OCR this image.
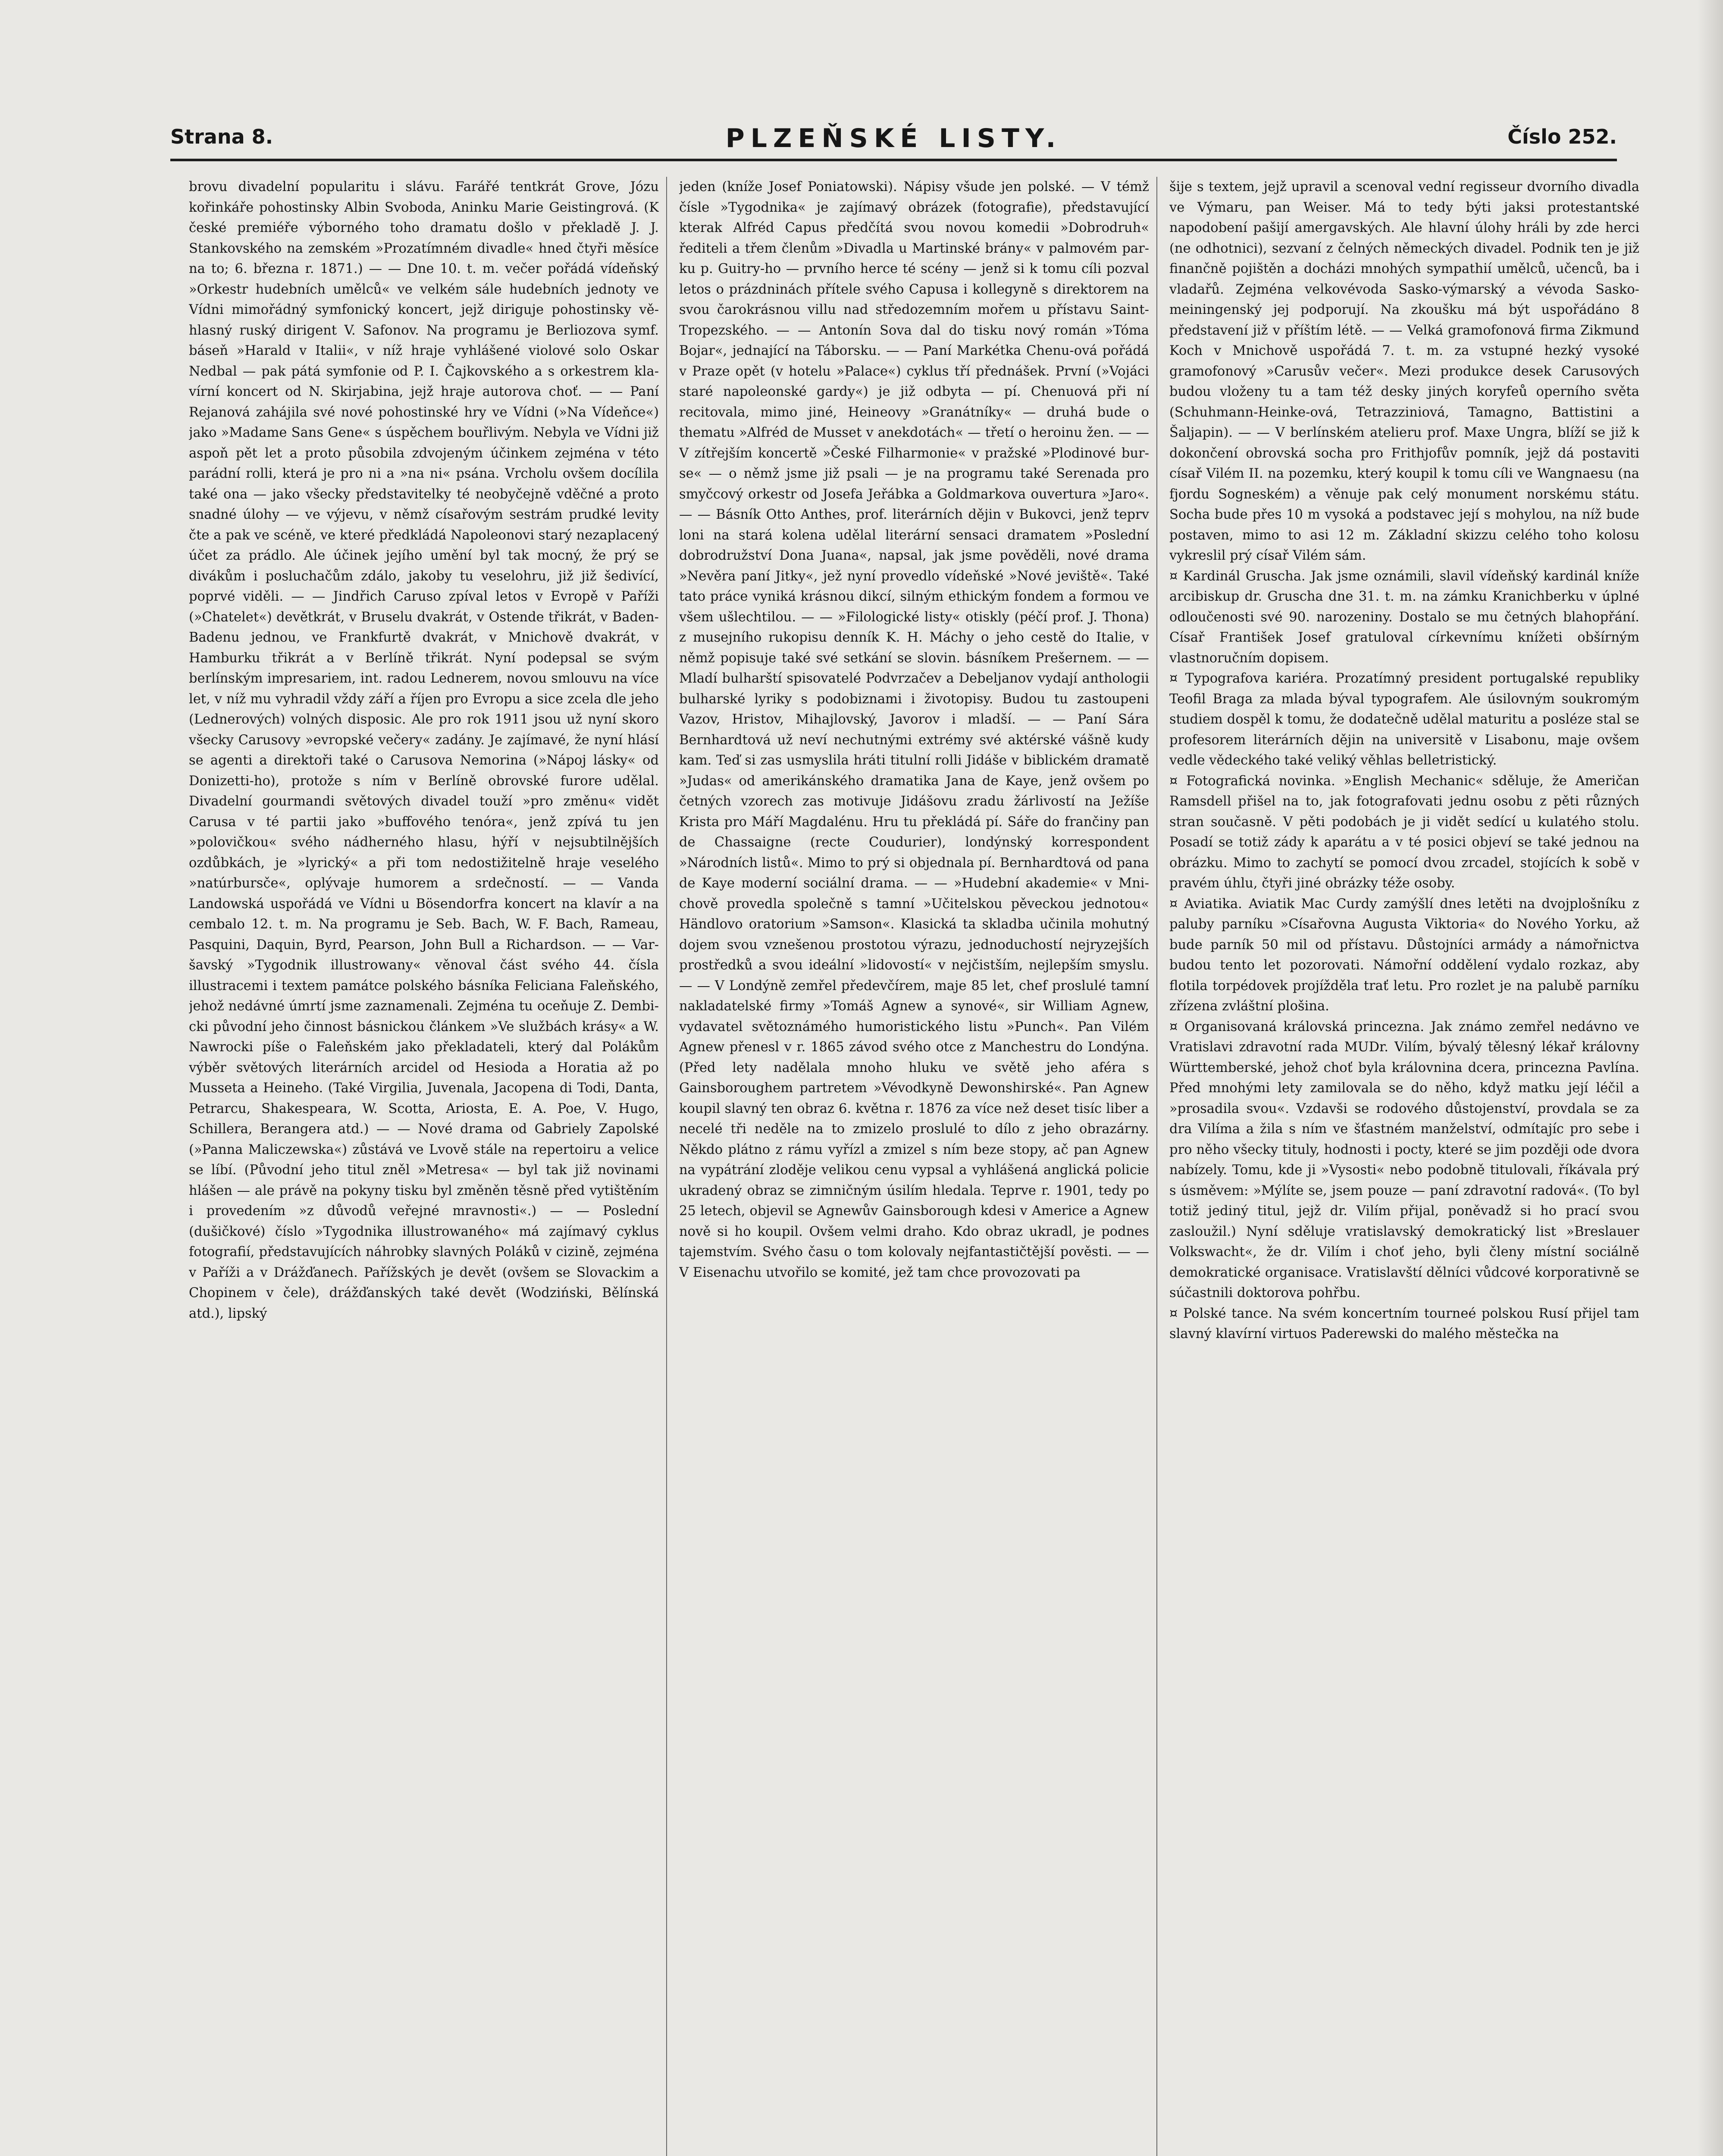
Strana 8.	PLZEŇSKÉ LISTY.	Číslo 252.

brovu divadelní popularitu i slávu. Farářé tentkrát Grove, Józu kořinkáře pohostinsky Albin Svoboda, Aninku Marie Geistingrová. (K české premiéře výborného toho dramatu došlo v překladě J. J. Stankovského na zemském »Prozatímném divadle« hned čtyři měsíce na to; 6. března r. 1871.) — — Dne 10. t. m. večer pořádá vídeňský »Orkestr hudebních umělců« ve velkém sále hudebních jednoty ve Vídni mimořádný symfonický koncert, jejž diriguje pohostinsky věhlasný ruský dirigent V. Safonov. Na programu je Berliozova symf. báseň »Harald v Italii«, v níž hraje vyhlášené violové solo Oskar Nedbal — pak pátá symfonie od P. I. Čajkovského a s orkestrem klavírní koncert od N. Skirjabina, jejž hraje autorova choť. — — Paní Rejanová zahájila své nové pohostinské hry ve Vídni (»Na Vídeňce«) jako »Madame Sans Gene« s úspěchem bouřlivým. Nebyla ve Vídni již aspoň pět let a proto působila zdvojeným účinkem zejména v této parádní rolli, která je pro ni a »na ni« psána. Vrcholu ovšem docílila také ona — jako všecky představitelky té neobyčejně vděčné a proto snadné úlohy — ve výjevu, v němž císařovým sestrám prudké levity čte a pak ve scéně, ve které předkládá Napoleonovi starý nezaplacený účet za prádlo. Ale účinek jejího umění byl tak mocný, že prý se divákům i posluchačům zdálo, jakoby tu veselohru, již již šedivící, poprvé viděli. — — Jindřich Caruso zpíval letos v Evropě v Paříži (»Chatelet«) devětkrát, v Bruselu dvakrát, v Ostende třikrát, v Baden-Badenu jednou, ve Frankfurtě dvakrát, v Mnichově dvakrát, v Hamburku třikrát a v Berlíně třikrát. Nyní podepsal se svým berlínským impresariem, int. radou Lednerem, novou smlouvu na více let, v níž mu vyhradil vždy září a říjen pro Evropu a sice zcela dle jeho (Lednerových) volných disposic. Ale pro rok 1911 jsou už nyní skoro všecky Carusovy »evropské večery« zadány. Je zajímavé, že nyní hlásí se agenti a direktoři také o Carusova Nemorina (»Nápoj lásky« od Donizetti-ho), protože s ním v Berlíně obrovské furore udělal. Divadelní gourmandi světových divadel touží »pro změnu« vidět Carusa v té partii jako »buffového tenóra«, jenž zpívá tu jen »polovičkou« svého nádherného hlasu, hýří v nejsubtilnějších ozdůbkách, je »lyrický« a při tom nedostižitelně hraje veselého »natúrbursče«, oplývaje humorem a srdečností. — — Vanda Landowská uspořádá ve Vídni u Bösendorfra koncert na klavír a na cembalo 12. t. m. Na programu je Seb. Bach, W. F. Bach, Rameau, Pasquini, Daquin, Byrd, Pearson, John Bull a Richardson. — — Varšavský »Tygodnik illustrowany« věnoval část svého 44. čísla illustracemi i textem památce polského básníka Feliciana Faleňského, jehož nedávné úmrtí jsme zaznamenali. Zejména tu oceňuje Z. Dembicki původní jeho činnost básnickou článkem »Ve službách krásy« a W. Nawrocki píše o Faleňském jako překladateli, který dal Polákům výběr světových literárních arcidel od Hesioda a Horatia až po Musseta a Heineho. (Také Virgilia, Juvenala, Jacopena di Todi, Danta, Petrarcu, Shakespeara, W. Scotta, Ariosta, E. A. Poe, V. Hugo, Schillera, Berangera atd.) — — Nové drama od Gabriely Zapolské (»Panna Maliczewska«) zůstává ve Lvově stále na repertoiru a velice se líbí. (Původní jeho titul zněl »Metresa« — byl tak již novinami hlášen — ale právě na pokyny tisku byl změněn těsně před vytištěním i provedením »z důvodů veřejné mravnosti«.) — — Poslední (dušičkové) číslo »Tygodnika illustrowaného« má zajímavý cyklus fotografií, představujících náhrobky slavných Poláků v cizině, zejména v Paříži a v Drážďanech. Pařížských je devět (ovšem se Slovackim a Chopinem v čele), drážďanských také devět (Wodziński, Bělínská atd.), lipský

jeden (kníže Josef Poniatowski). Nápisy všude jen polské. — V témž čísle »Tygodnika« je zajímavý obrázek (fotografie), představující kterak Alfréd Capus předčítá svou novou komedii »Dobrodruh« řediteli a třem členům »Divadla u Martinské brány« v palmovém parku p. Guitry-ho — prvního herce té scény — jenž si k tomu cíli pozval letos o prázdninách přítele svého Capusa i kollegyně s direktorem na svou čarokrásnou villu nad středozemním mořem u přístavu Saint-Tropezského. — — Antonín Sova dal do tisku nový román »Tóma Bojar«, jednající na Táborsku. — — Paní Markétka Chenu-ová pořádá v Praze opět (v hotelu »Palace«) cyklus tří přednášek. První (»Vojáci staré napoleonské gardy«) je již odbyta — pí. Chenuová při ní recitovala, mimo jiné, Heineovy »Granátníky« — druhá bude o thematu »Alfréd de Musset v anekdotách« — třetí o heroinu žen. — — V zítřejším koncertě »České Filharmonie« v pražské »Plodinové burse« — o němž jsme již psali — je na programu také Serenada pro smyčcový orkestr od Josefa Jeřábka a Goldmarkova ouvertura »Jaro«. — — Básník Otto Anthes, prof. literárních dějin v Bukovci, jenž teprv loni na stará kolena udělal literární sensaci dramatem »Poslední dobrodružství Dona Juana«, napsal, jak jsme pověděli, nové drama »Nevěra paní Jitky«, jež nyní provedlo vídeňské »Nové jeviště«. Také tato práce vyniká krásnou dikcí, silným ethickým fondem a formou ve všem ušlechtilou. — — »Filologické listy« otiskly (péčí prof. J. Thona) z musejního rukopisu denník K. H. Máchy o jeho cestě do Italie, v němž popisuje také své setkání se slovin. básníkem Prešernem. — — Mladí bulharští spisovatelé Podvrzačev a Debeljanov vydají anthologii bulharské lyriky s podobiznami i životopisy. Budou tu zastoupeni Vazov, Hristov, Mihajlovský, Javorov i mladší. — — Paní Sára Bernhardtová už neví nechutnými extrémy své aktérské vášně kudy kam. Teď si zas usmyslila hráti titulní rolli Jidáše v biblickém dramatě »Judas« od amerikánského dramatika Jana de Kaye, jenž ovšem po četných vzorech zas motivuje Jidášovu zradu žárlivostí na Ježíše Krista pro Máří Magdalénu. Hru tu překládá pí. Sáře do frančiny pan de Chassaigne (recte Coudurier), londýnský korrespondent »Národních listů«. Mimo to prý si objednala pí. Bernhardtová od pana de Kaye moderní sociální drama. — — »Hudební akademie« v Mnichově provedla společně s tamní »Učitelskou pěveckou jednotou« Händlovo oratorium »Samson«. Klasická ta skladba učinila mohutný dojem svou vznešenou prostotou výrazu, jednoduchostí nejryzejších prostředků a svou ideální »lidovostí« v nejčistším, nejlepším smyslu. — — V Londýně zemřel předevčírem, maje 85 let, chef proslulé tamní nakladatelské firmy »Tomáš Agnew a synové«, sir William Agnew, vydavatel světoznámého humoristického listu »Punch«. Pan Vilém Agnew přenesl v r. 1865 závod svého otce z Manchestru do Londýna. (Před lety nadělala mnoho hluku ve světě jeho aféra s Gainsboroughem partretem »Vévodkyně Dewonshirské«. Pan Agnew koupil slavný ten obraz 6. května r. 1876 za více než deset tisíc liber a necelé tři neděle na to zmizelo proslulé to dílo z jeho obrazárny. Někdo plátno z rámu vyřízl a zmizel s ním beze stopy, ač pan Agnew na vypátrání zloděje velikou cenu vypsal a vyhlášená anglická policie ukradený obraz se zimničným úsilím hledala. Teprve r. 1901, tedy po 25 letech, objevil se Agnewův Gainsborough kdesi v Americe a Agnew nově si ho koupil. Ovšem velmi draho. Kdo obraz ukradl, je podnes tajemstvím. Svého času o tom kolovaly nejfantastičtější pověsti. — — V Eisenachu utvořilo se komité, jež tam chce provozovati pa

šije s textem, jejž upravil a scenoval vední regisseur dvorního divadla ve Výmaru, pan Weiser. Má to tedy býti jaksi protestantské napodobení pašijí amergavských. Ale hlavní úlohy hráli by zde herci (ne odhotnici), sezvaní z čelných německých divadel. Podnik ten je již finančně pojištěn a docházi mnohých sympathií umělců, učenců, ba i vladařů. Zejména velkovévoda Sasko-výmarský a vévoda Sasko-meiningenský jej podporují. Na zkoušku má být uspořádáno 8 představení již v příštím létě. — — Velká gramofonová firma Zikmund Koch v Mnichově uspořádá 7. t. m. za vstupné hezký vysoké gramofonový »Carusův večer«. Mezi produkce desek Carusových budou vloženy tu a tam též desky jiných koryfeů operního světa (Schuhmann-Heinke-ová, Tetrazziniová, Tamagno, Battistini a Šaljapin). — — V berlínském atelieru prof. Maxe Ungra, blíží se již k dokončení obrovská socha pro Frithjofův pomník, jejž dá postaviti císař Vilém II. na pozemku, který koupil k tomu cíli ve Wangnaesu (na fjordu Sogneském) a věnuje pak celý monument norskému státu. Socha bude přes 10 m vysoká a podstavec její s mohylou, na níž bude postaven, mimo to asi 12 m. Základní skizzu celého toho kolosu vykreslil prý císař Vilém sám.

¤ Kardinál Gruscha. Jak jsme oznámili, slavil vídeňský kardinál kníže arcibiskup dr. Gruscha dne 31. t. m. na zámku Kranichberku v úplné odloučenosti své 90. narozeniny. Dostalo se mu četných blahopřání. Císař František Josef gratuloval církevnímu knížeti obšírným vlastnoručním dopisem.

¤ Typografova kariéra. Prozatímný president portugalské republiky Teofil Braga za mlada býval typografem. Ale úsilovným soukromým studiem dospěl k tomu, že dodatečně udělal maturitu a posléze stal se profesorem literárních dějin na universitě v Lisabonu, maje ovšem vedle vědeckého také veliký věhlas belletristický.

¤ Fotografická novinka. »English Mechanic« sděluje, že Američan Ramsdell přišel na to, jak fotografovati jednu osobu z pěti různých stran současně. V pěti podobách je ji vidět sedící u kulatého stolu. Posadí se totiž zády k aparátu a v té posici objeví se také jednou na obrázku. Mimo to zachytí se pomocí dvou zrcadel, stojících k sobě v pravém úhlu, čtyři jiné obrázky téže osoby.

¤ Aviatika. Aviatik Mac Curdy zamýšlí dnes letěti na dvojplošníku z paluby parníku »Císařovna Augusta Viktoria« do Nového Yorku, až bude parník 50 mil od přístavu. Důstojníci armády a námořnictva budou tento let pozorovati. Námořní oddělení vydalo rozkaz, aby flotila torpédovek projížděla trať letu. Pro rozlet je na palubě parníku zřízena zvláštní plošina.

¤ Organisovaná královská princezna. Jak známo zemřel nedávno ve Vratislavi zdravotní rada MUDr. Vilím, bývalý tělesný lékař královny Württemberské, jehož choť byla královnina dcera, princezna Pavlína. Před mnohými lety zamilovala se do něho, když matku její léčil a »prosadila svou«. Vzdavši se rodového důstojenství, provdala se za dra Vilíma a žila s ním ve šťastném manželství, odmítajíc pro sebe i pro něho všecky tituly, hodnosti i pocty, které se jim později ode dvora nabízely. Tomu, kde ji »Vysosti« nebo podobně titulovali, říkávala prý s úsměvem: »Mýlíte se, jsem pouze — paní zdravotní radová«. (To byl totiž jediný titul, jejž dr. Vilím přijal, poněvadž si ho prací svou zasloužil.) Nyní sděluje vratislavský demokratický list »Breslauer Volkswacht«, že dr. Vilím i choť jeho, byli členy místní sociálně demokratické organisace. Vratislavští dělníci vůdcové korporativně se súčastnili doktorova pohřbu.

¤ Polské tance. Na svém koncertním tourneé polskou Rusí přijel tam slavný klavírní virtuos Paderewski do malého městečka na
